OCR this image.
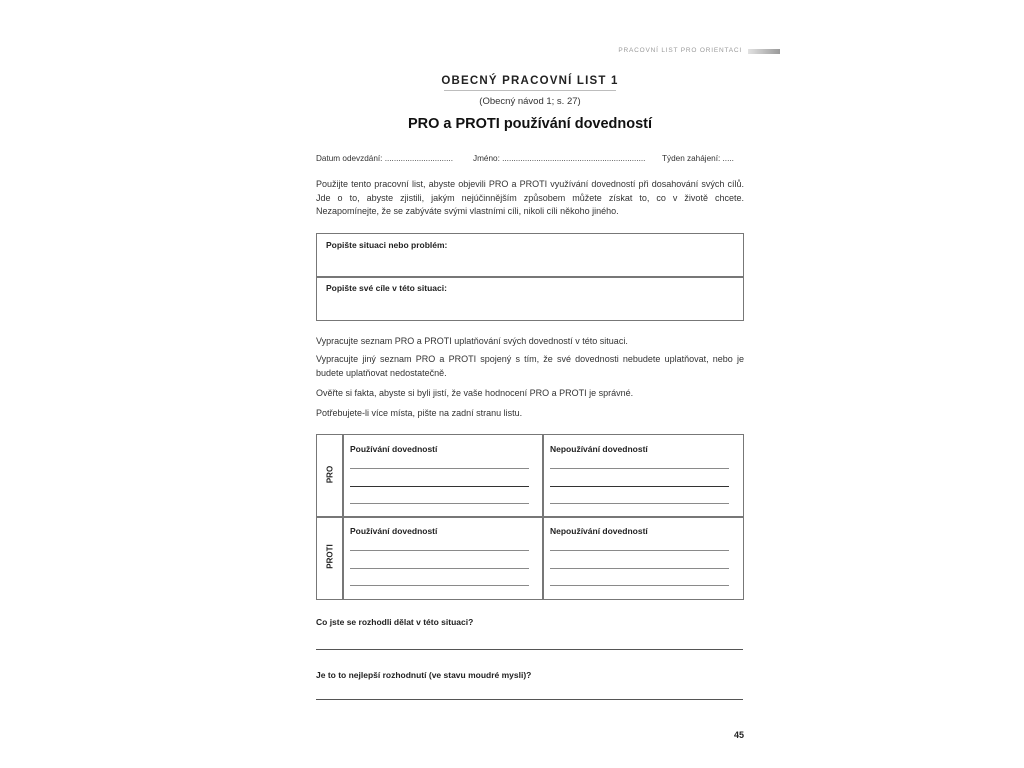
PRACOVNÍ LIST PRO ORIENTACI
OBECNÝ PRACOVNÍ LIST 1
(Obecný návod 1; s. 27)
PRO a PROTI používání dovedností
Datum odevzdání: .............................. Jméno: ............................................................... Týden zahájení: .....

Použijte tento pracovní list, abyste objevili PRO a PROTI využívání dovedností při dosahování svých cílů. Jde o to, abyste zjistili, jakým nejúčinnějším způsobem můžete získat to, co v životě chcete. Nezapomínejte, že se zabýváte svými vlastními cíli, nikoli cíli někoho jiného.

Popište situaci nebo problém:
Popište své cíle v této situaci:
Vypracujte seznam PRO a PROTI uplatňování svých dovedností v této situaci.

Vypracujte jiný seznam PRO a PROTI spojený s tím, že své dovednosti nebudete uplatňovat, nebo je budete uplatňovat nedostatečně.

Ověřte si fakta, abyste si byli jistí, že vaše hodnocení PRO a PROTI je správné.
Potřebujete-li více místa, pište na zadní stranu listu.
PRO
PROTI
Používání dovedností	Nepoužívání dovedností
Používání dovedností	Nepoužívání dovedností
Co jste se rozhodli dělat v této situaci?
Je to to nejlepší rozhodnutí (ve stavu moudré mysli)?
45
